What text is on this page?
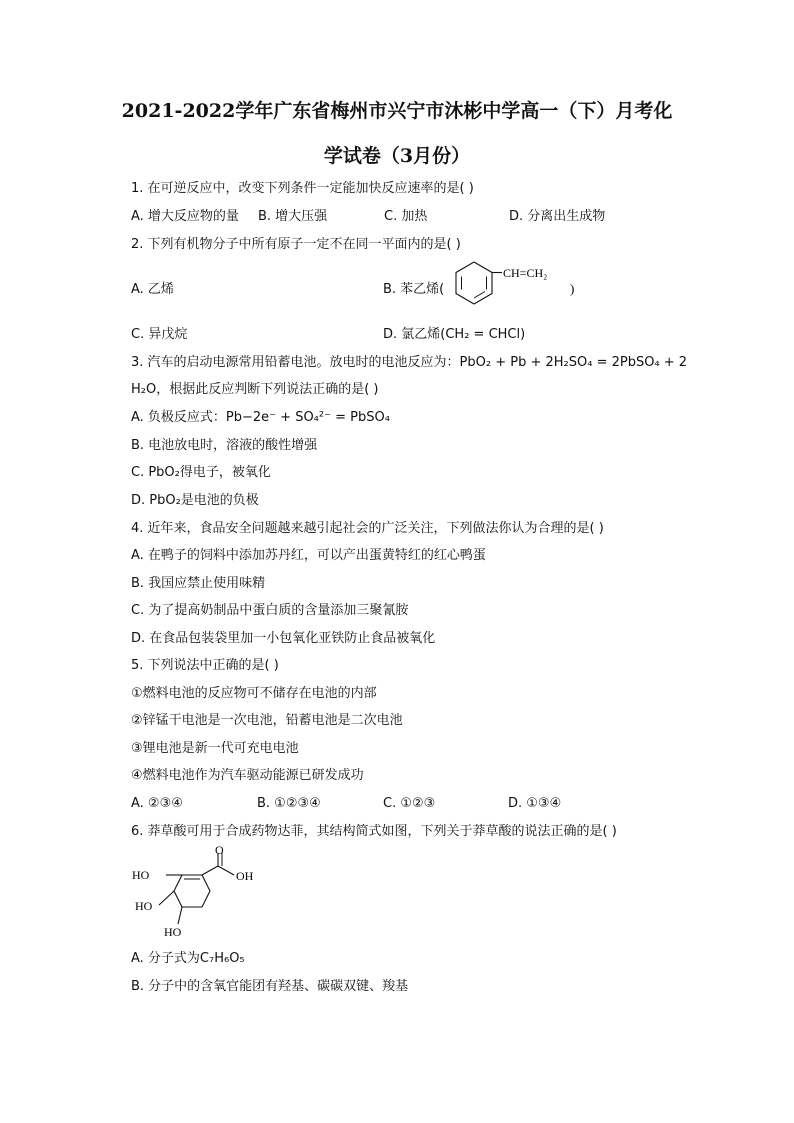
2021-2022学年广东省梅州市兴宁市沐彬中学高一（下）月考化
学试卷（3月份）
1. 在可逆反应中，改变下列条件一定能加快反应速率的是( )
A. 增大反应物的量 B. 增大压强	C. 加热	D. 分离出生成物
2. 下列有机物分子中所有原子一定不在同一平面内的是( )
A. 乙烯	B. 苯乙烯(
CH=CH₂
)
C. 异戊烷	D. 氯乙烯(CH₂ = CHCl)
3. 汽车的启动电源常用铅蓄电池。放电时的电池反应为：PbO₂ + Pb + 2H₂SO₄ = 2PbSO₄ + 2
H₂O，根据此反应判断下列说法正确的是( )
A. 负极反应式：Pb−2e⁻ + SO₄²⁻ = PbSO₄
B. 电池放电时，溶液的酸性增强
C. PbO₂得电子，被氧化
D. PbO₂是电池的负极
4. 近年来，食品安全问题越来越引起社会的广泛关注，下列做法你认为合理的是( )
A. 在鸭子的饲料中添加苏丹红，可以产出蛋黄特红的红心鸭蛋
B. 我国应禁止使用味精
C. 为了提高奶制品中蛋白质的含量添加三聚氰胺
D. 在食品包装袋里加一小包氧化亚铁防止食品被氧化
5. 下列说法中正确的是( )
①燃料电池的反应物可不储存在电池的内部
②锌锰干电池是一次电池，铅蓄电池是二次电池
③锂电池是新一代可充电电池
④燃料电池作为汽车驱动能源已研发成功
A. ②③④	B. ①②③④	C. ①②③	D. ①③④
6. 莽草酸可用于合成药物达菲，其结构简式如图，下列关于莽草酸的说法正确的是( )
HO
HO
HO
O
OH
A. 分子式为C₇H₆O₅
B. 分子中的含氧官能团有羟基、碳碳双键、羧基
